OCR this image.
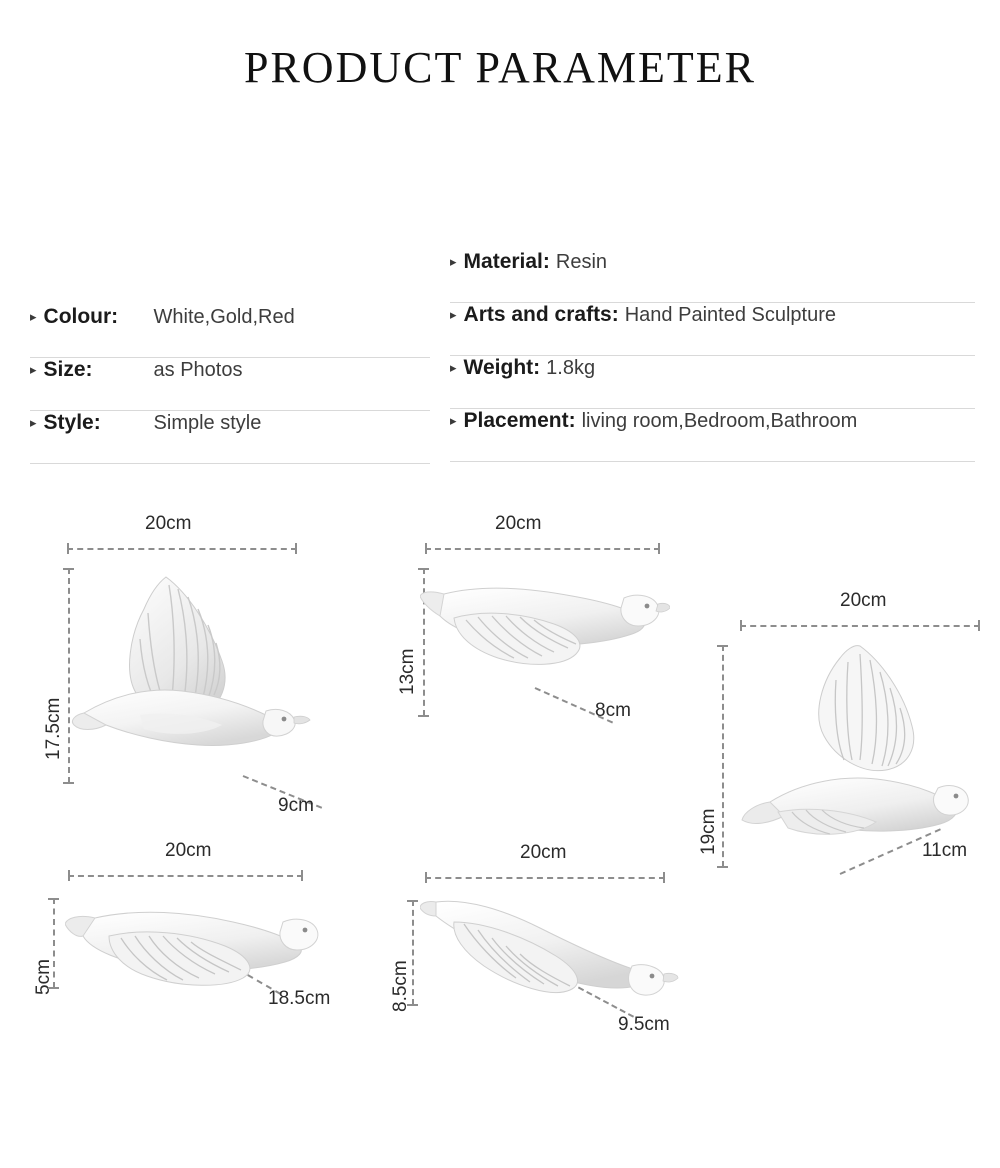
PRODUCT PARAMETER
▸ Colour:	White,Gold,Red
▸ Size:	as Photos
▸ Style:	Simple style
▸ Material: Resin
▸ Arts and crafts: Hand Painted Sculpture
▸ Weight: 1.8kg
▸ Placement: living room,Bedroom,Bathroom
20cm
17.5cm
9cm
20cm
13cm
8cm
20cm
19cm	11cm
20cm
5cm
18.5cm
20cm
8.5cm
9.5cm
